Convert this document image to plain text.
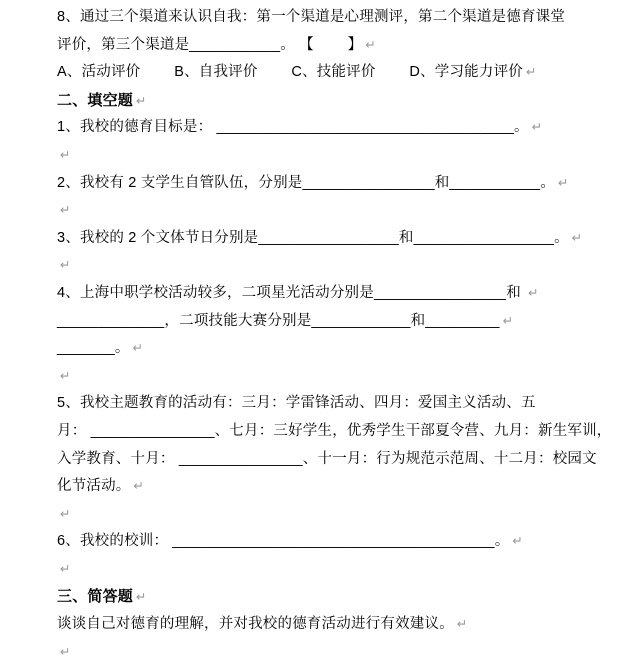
8、通过三个渠道来认识自我：第一个渠道是心理测评，第二个渠道是德育课堂
评价，第三个渠道是___________。 【        】 ↵
A、活动评价        B、自我评价        C、技能评价        D、学习能力评价 ↵
二、填空题 ↵
1、我校的德育目标是： ____________________________________。 ↵
↵
2、我校有 2 支学生自管队伍，分别是________________和___________。 ↵
↵
3、我校的 2 个文体节日分别是_________________和_________________。 ↵
↵
4、上海中职学校活动较多，二项星光活动分别是________________和 ↵
_____________，二项技能大赛分别是____________和_________ ↵
_______。 ↵
↵
5、我校主题教育的活动有：三月：学雷锋活动、四月：爱国主义活动、五
月： _______________、七月：三好学生，优秀学生干部夏令营、九月：新生军训，
入学教育、十月： _______________、十一月：行为规范示范周、十二月：校园文
化节活动。 ↵
↵
6、我校的校训： _______________________________________。 ↵
↵
三、简答题 ↵
谈谈自己对德育的理解，并对我校的德育活动进行有效建议。 ↵
↵
